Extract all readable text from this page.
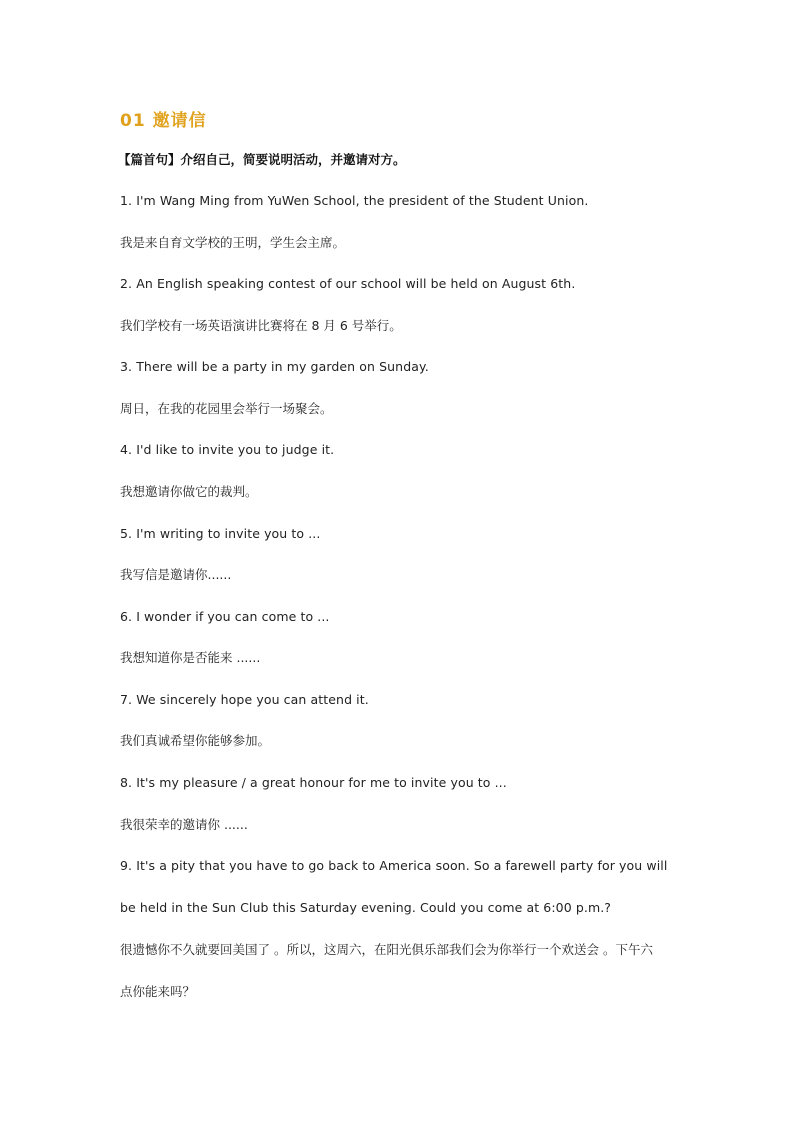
01 邀请信
【篇首句】介绍自己，简要说明活动，并邀请对方。
1. I'm Wang Ming from YuWen School, the president of the Student Union.
我是来自育文学校的王明，学生会主席。
2. An English speaking contest of our school will be held on August 6th.
我们学校有一场英语演讲比赛将在 8 月 6 号举行。
3. There will be a party in my garden on Sunday.
周日，在我的花园里会举行一场聚会。
4. I'd like to invite you to judge it.
我想邀请你做它的裁判。
5. I'm writing to invite you to ...
我写信是邀请你......
6. I wonder if you can come to ...
我想知道你是否能来 ......
7. We sincerely hope you can attend it.
我们真诚希望你能够参加。
8. It's my pleasure / a great honour for me to invite you to ...
我很荣幸的邀请你 ......
9. It's a pity that you have to go back to America soon. So a farewell party for you will
be held in the Sun Club this Saturday evening. Could you come at 6:00 p.m.?
很遗憾你不久就要回美国了 。所以，这周六，在阳光俱乐部我们会为你举行一个欢送会 。下午六
点你能来吗？
